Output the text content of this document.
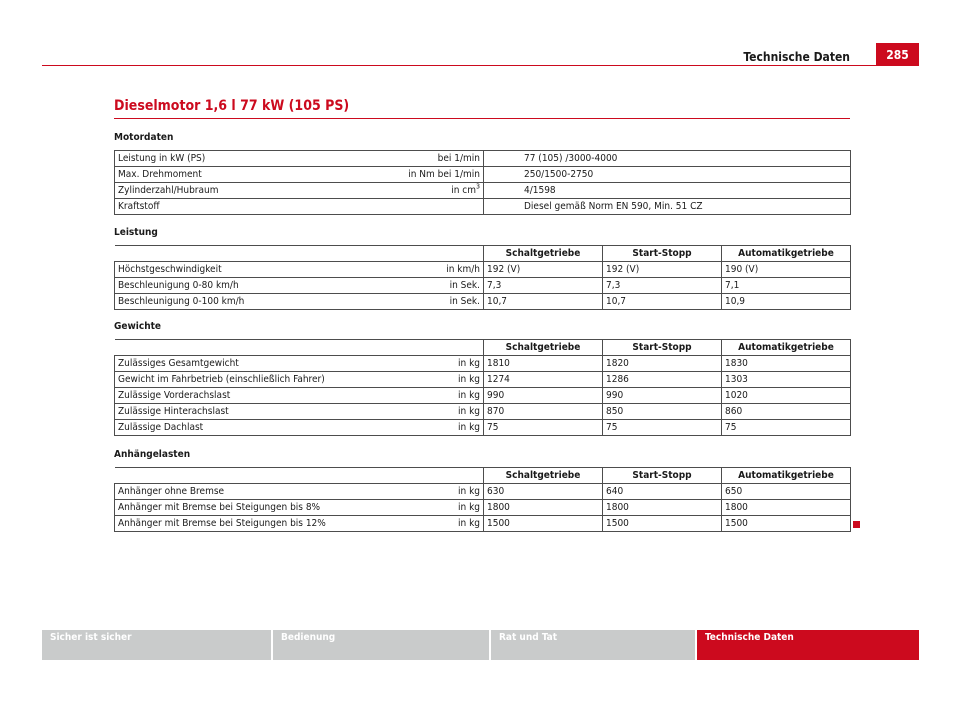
Technische Daten	285
Dieselmotor 1,6 l 77 kW (105 PS)
Motordaten
Leistung in kW (PS)	bei 1/min	77 (105) /3000-4000
Max. Drehmoment	in Nm bei 1/min	250/1500-2750
Zylinderzahl/Hubraum	in $cm^3$	4/1598
Kraftstoff		Diesel gemäß Norm EN 590, Min. 51 CZ
Leistung
		Schaltgetriebe	Start-Stopp	Automatikgetriebe
Höchstgeschwindigkeit	in km/h	192 (V)	192 (V)	190 (V)
Beschleunigung 0-80 km/h	in Sek.	7,3	7,3	7,1
Beschleunigung 0-100 km/h	in Sek.	10,7	10,7	10,9
Gewichte
		Schaltgetriebe	Start-Stopp	Automatikgetriebe
Zulässiges Gesamtgewicht	in kg	1810	1820	1830
Gewicht im Fahrbetrieb (einschließlich Fahrer)	in kg	1274	1286	1303
Zulässige Vorderachslast	in kg	990	990	1020
Zulässige Hinterachslast	in kg	870	850	860
Zulässige Dachlast	in kg	75	75	75
Anhängelasten
		Schaltgetriebe	Start-Stopp	Automatikgetriebe
Anhänger ohne Bremse	in kg	630	640	650
Anhänger mit Bremse bei Steigungen bis 8%	in kg	1800	1800	1800
Anhänger mit Bremse bei Steigungen bis 12%	in kg	1500	1500	1500
Sicher ist sicher	Bedienung	Rat und Tat	Technische Daten
